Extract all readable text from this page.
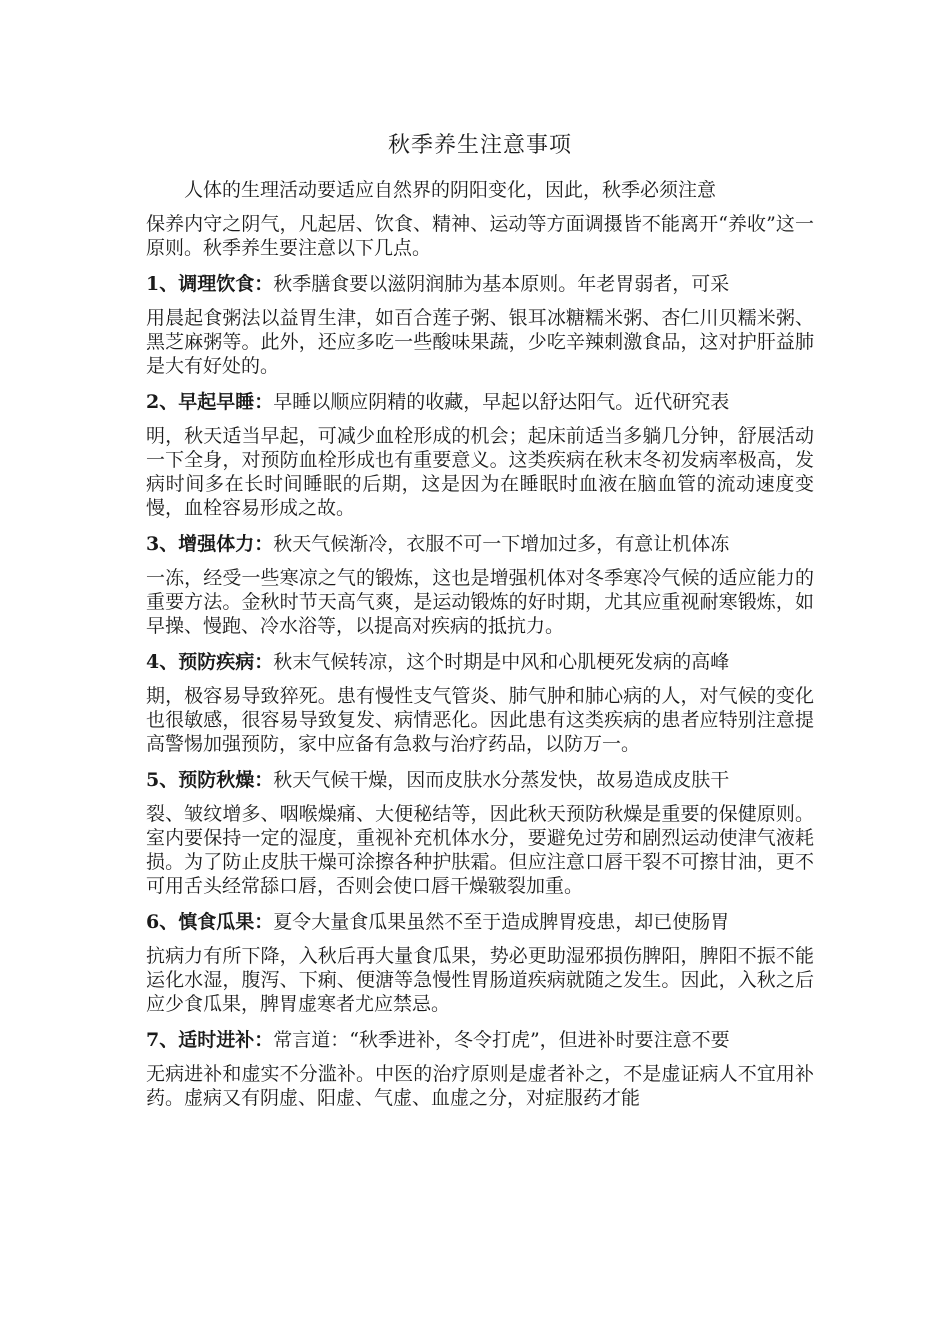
秋季养生注意事项

人体的生理活动要适应自然界的阴阳变化，因此，秋季必须注意
保养内守之阴气，凡起居、饮食、精神、运动等方面调摄皆不能离开“养收”这一原则。秋季养生要注意以下几点。

1、调理饮食：秋季膳食要以滋阴润肺为基本原则。年老胃弱者，可采
用晨起食粥法以益胃生津，如百合莲子粥、银耳冰糖糯米粥、杏仁川贝糯米粥、黑芝麻粥等。此外，还应多吃一些酸味果蔬，少吃辛辣刺激食品，这对护肝益肺是大有好处的。

2、早起早睡：早睡以顺应阴精的收藏，早起以舒达阳气。近代研究表
明，秋天适当早起，可减少血栓形成的机会；起床前适当多躺几分钟，舒展活动一下全身，对预防血栓形成也有重要意义。这类疾病在秋末冬初发病率极高，发病时间多在长时间睡眠的后期，这是因为在睡眠时血液在脑血管的流动速度变慢，血栓容易形成之故。

3、增强体力：秋天气候渐冷，衣服不可一下增加过多，有意让机体冻
一冻，经受一些寒凉之气的锻炼，这也是增强机体对冬季寒冷气候的适应能力的重要方法。金秋时节天高气爽，是运动锻炼的好时期，尤其应重视耐寒锻炼，如早操、慢跑、冷水浴等，以提高对疾病的抵抗力。

4、预防疾病：秋末气候转凉，这个时期是中风和心肌梗死发病的高峰
期，极容易导致猝死。患有慢性支气管炎、肺气肿和肺心病的人，对气候的变化也很敏感，很容易导致复发、病情恶化。因此患有这类疾病的患者应特别注意提高警惕加强预防，家中应备有急救与治疗药品，以防万一。

5、预防秋燥：秋天气候干燥，因而皮肤水分蒸发快，故易造成皮肤干
裂、皱纹增多、咽喉燥痛、大便秘结等，因此秋天预防秋燥是重要的保健原则。室内要保持一定的湿度，重视补充机体水分，要避免过劳和剧烈运动使津气液耗损。为了防止皮肤干燥可涂擦各种护肤霜。但应注意口唇干裂不可擦甘油，更不可用舌头经常舔口唇，否则会使口唇干燥皲裂加重。

6、慎食瓜果：夏令大量食瓜果虽然不至于造成脾胃疫患，却已使肠胃
抗病力有所下降，入秋后再大量食瓜果，势必更助湿邪损伤脾阳，脾阳不振不能运化水湿，腹泻、下痢、便溏等急慢性胃肠道疾病就随之发生。因此，入秋之后应少食瓜果，脾胃虚寒者尤应禁忌。

7、适时进补：常言道：“秋季进补，冬令打虎”，但进补时要注意不要
无病进补和虚实不分滥补。中医的治疗原则是虚者补之，不是虚证病人不宜用补药。虚病又有阴虚、阳虚、气虚、血虚之分，对症服药才能
